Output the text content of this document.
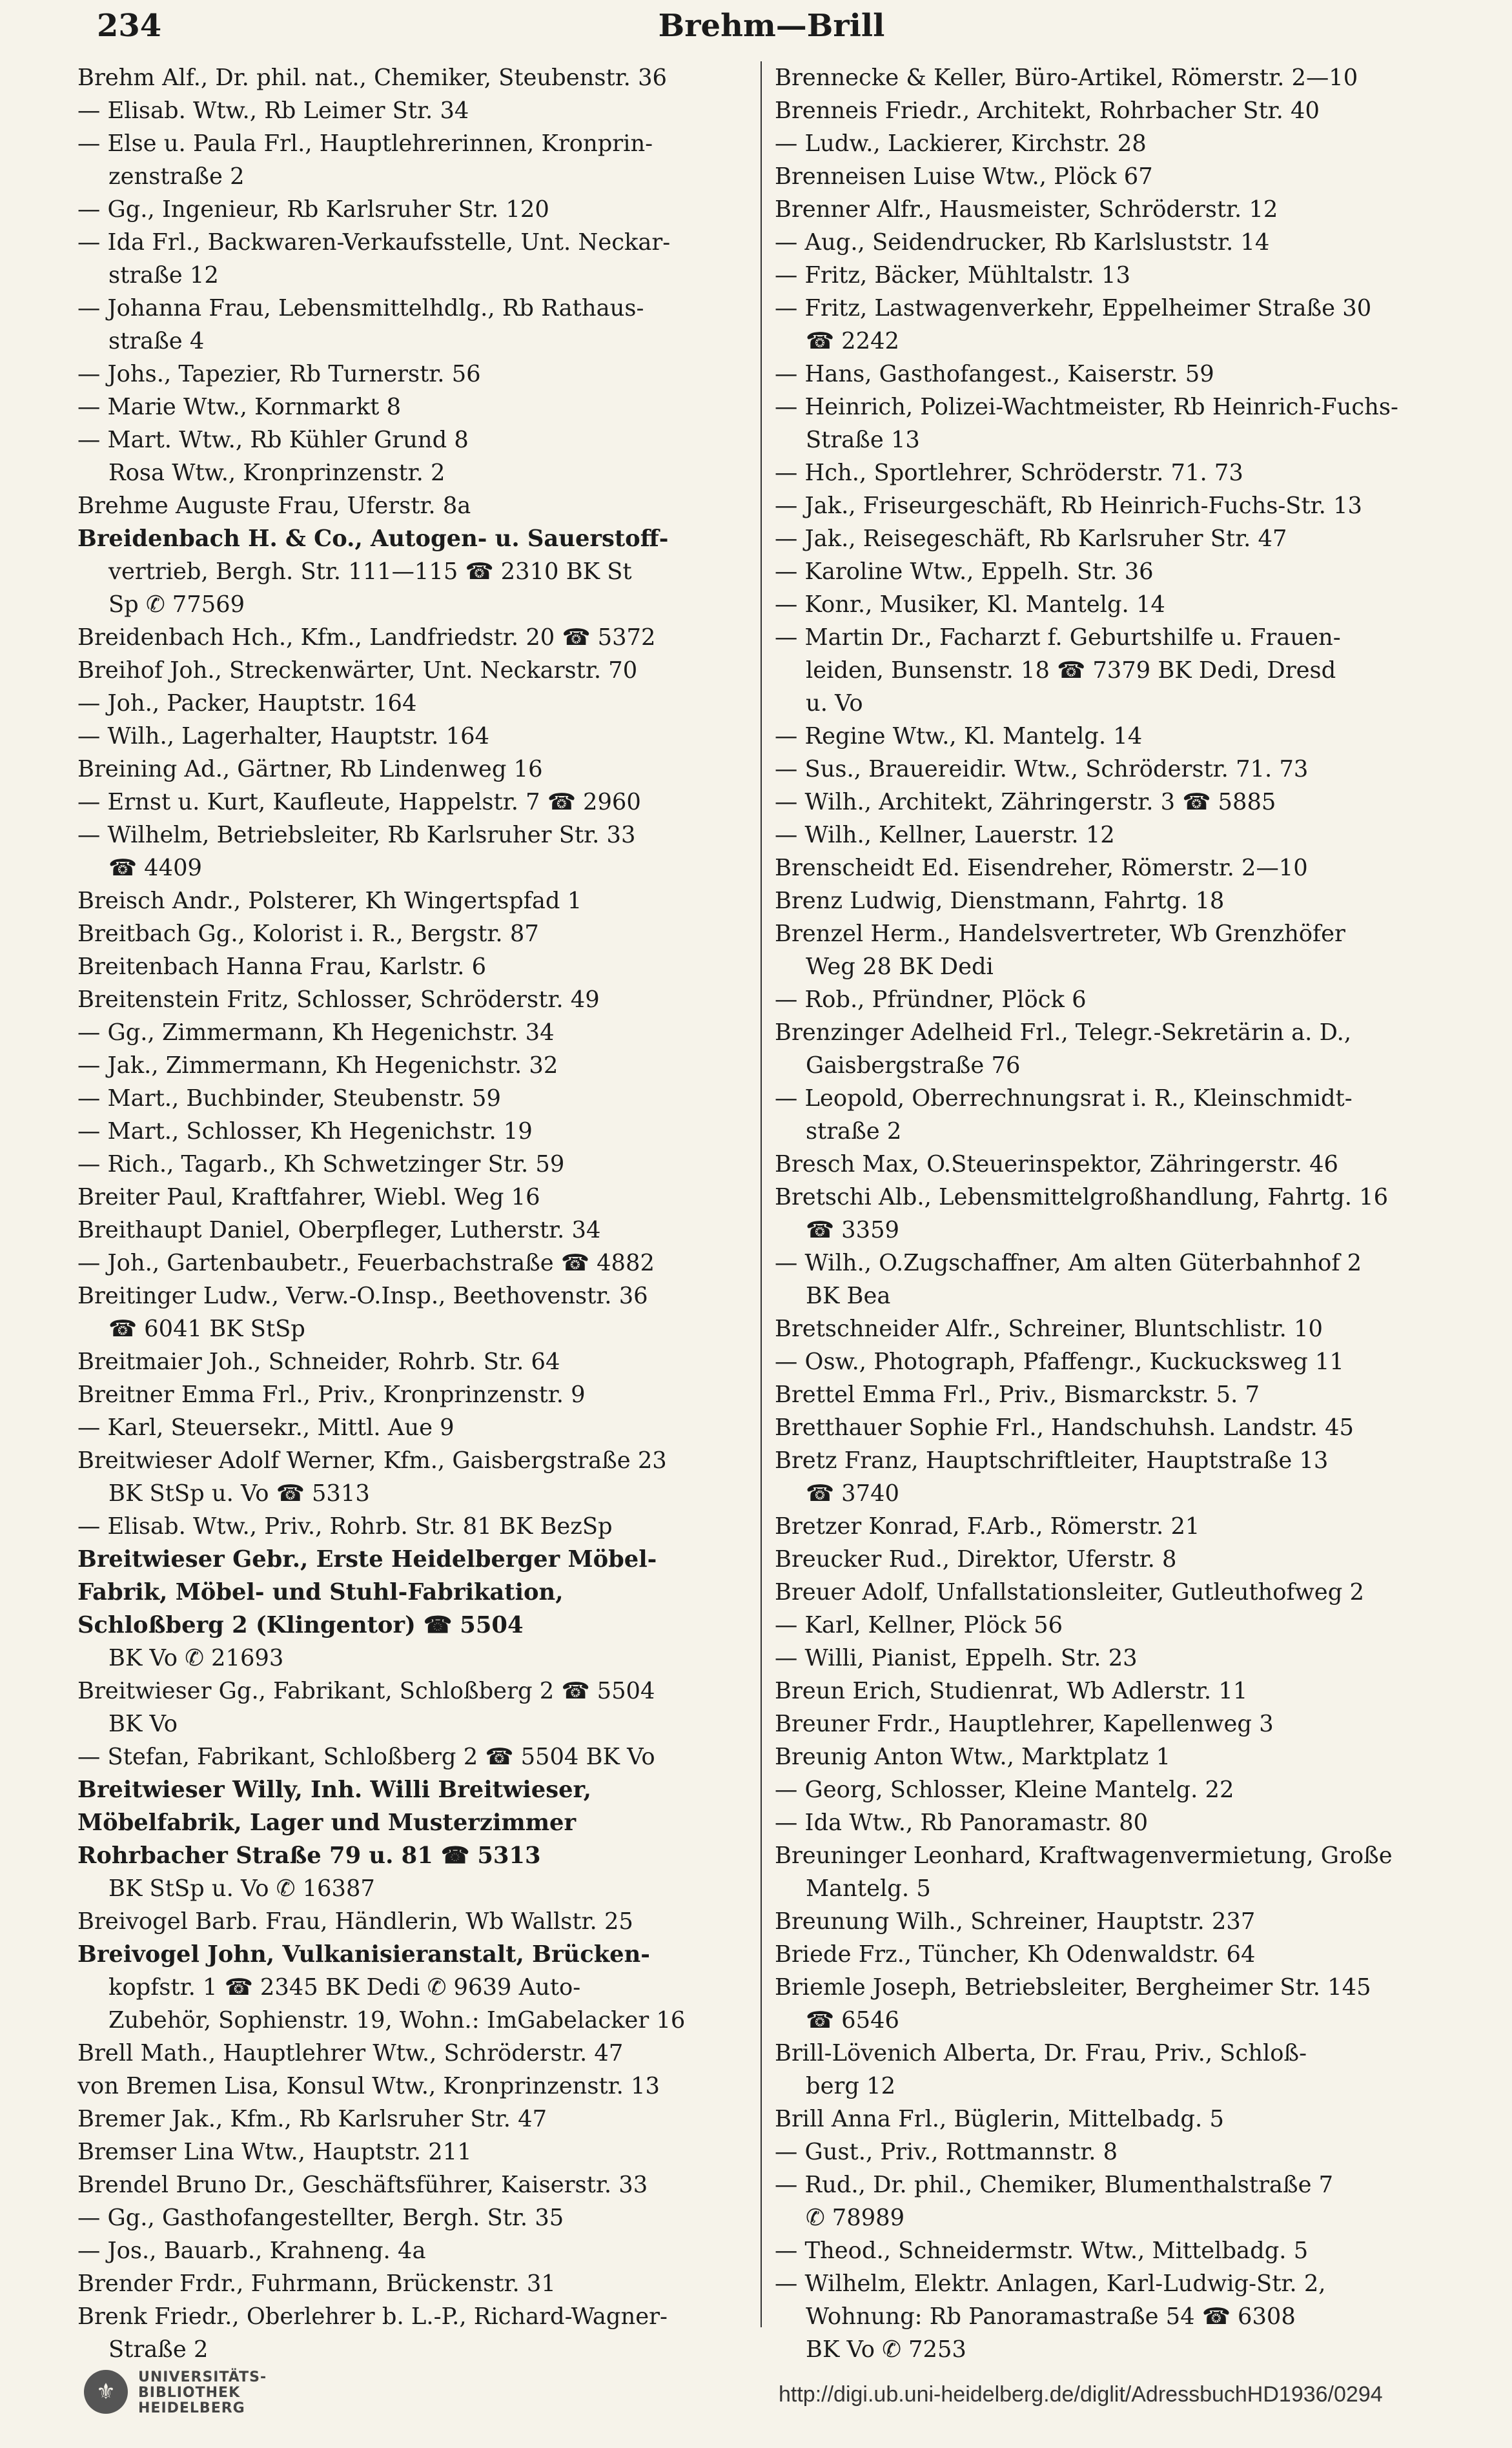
234	Brehm—Brill

Brehm Alf., Dr. phil. nat., Chemiker, Steubenstr. 36

— Elisab. Wtw., Rb Leimer Str. 34

— Else u. Paula Frl., Hauptlehrerinnen, Kronprin-

zenstraße 2

— Gg., Ingenieur, Rb Karlsruher Str. 120

— Ida Frl., Backwaren-Verkaufsstelle, Unt. Neckar-

straße 12

— Johanna Frau, Lebensmittelhdlg., Rb Rathaus-

straße 4

— Johs., Tapezier, Rb Turnerstr. 56

— Marie Wtw., Kornmarkt 8

— Mart. Wtw., Rb Kühler Grund 8

Rosa Wtw., Kronprinzenstr. 2

Brehme Auguste Frau, Uferstr. 8a

Breidenbach H. & Co., Autogen- u. Sauerstoff-

vertrieb, Bergh. Str. 111—115 ☎ 2310 BK St

Sp ✆ 77569

Breidenbach Hch., Kfm., Landfriedstr. 20 ☎ 5372

Breihof Joh., Streckenwärter, Unt. Neckarstr. 70

— Joh., Packer, Hauptstr. 164

— Wilh., Lagerhalter, Hauptstr. 164

Breining Ad., Gärtner, Rb Lindenweg 16

— Ernst u. Kurt, Kaufleute, Happelstr. 7 ☎ 2960

— Wilhelm, Betriebsleiter, Rb Karlsruher Str. 33

☎ 4409

Breisch Andr., Polsterer, Kh Wingertspfad 1

Breitbach Gg., Kolorist i. R., Bergstr. 87

Breitenbach Hanna Frau, Karlstr. 6

Breitenstein Fritz, Schlosser, Schröderstr. 49

— Gg., Zimmermann, Kh Hegenichstr. 34

— Jak., Zimmermann, Kh Hegenichstr. 32

— Mart., Buchbinder, Steubenstr. 59

— Mart., Schlosser, Kh Hegenichstr. 19

— Rich., Tagarb., Kh Schwetzinger Str. 59

Breiter Paul, Kraftfahrer, Wiebl. Weg 16

Breithaupt Daniel, Oberpfleger, Lutherstr. 34

— Joh., Gartenbaubetr., Feuerbachstraße ☎ 4882

Breitinger Ludw., Verw.-O.Insp., Beethovenstr. 36

☎ 6041 BK StSp

Breitmaier Joh., Schneider, Rohrb. Str. 64

Breitner Emma Frl., Priv., Kronprinzenstr. 9

— Karl, Steuersekr., Mittl. Aue 9

Breitwieser Adolf Werner, Kfm., Gaisbergstraße 23

BK StSp u. Vo ☎ 5313

— Elisab. Wtw., Priv., Rohrb. Str. 81 BK BezSp

Breitwieser Gebr., Erste Heidelberger Möbel-

Fabrik, Möbel- und Stuhl-Fabrikation,

Schloßberg 2 (Klingentor) ☎ 5504

BK Vo ✆ 21693

Breitwieser Gg., Fabrikant, Schloßberg 2 ☎ 5504

BK Vo

— Stefan, Fabrikant, Schloßberg 2 ☎ 5504 BK Vo

Breitwieser Willy, Inh. Willi Breitwieser,

Möbelfabrik, Lager und Musterzimmer

Rohrbacher Straße 79 u. 81 ☎ 5313

BK StSp u. Vo ✆ 16387

Breivogel Barb. Frau, Händlerin, Wb Wallstr. 25

Breivogel John, Vulkanisieranstalt, Brücken-

kopfstr. 1 ☎ 2345 BK Dedi ✆ 9639 Auto-

Zubehör, Sophienstr. 19, Wohn.: ImGabelacker 16

Brell Math., Hauptlehrer Wtw., Schröderstr. 47

von Bremen Lisa, Konsul Wtw., Kronprinzenstr. 13

Bremer Jak., Kfm., Rb Karlsruher Str. 47

Bremser Lina Wtw., Hauptstr. 211

Brendel Bruno Dr., Geschäftsführer, Kaiserstr. 33

— Gg., Gasthofangestellter, Bergh. Str. 35

— Jos., Bauarb., Krahneng. 4a

Brender Frdr., Fuhrmann, Brückenstr. 31

Brenk Friedr., Oberlehrer b. L.-P., Richard-Wagner-

Straße 2

Brennecke & Keller, Büro-Artikel, Römerstr. 2—10

Brenneis Friedr., Architekt, Rohrbacher Str. 40

— Ludw., Lackierer, Kirchstr. 28

Brenneisen Luise Wtw., Plöck 67

Brenner Alfr., Hausmeister, Schröderstr. 12

— Aug., Seidendrucker, Rb Karlsluststr. 14

— Fritz, Bäcker, Mühltalstr. 13

— Fritz, Lastwagenverkehr, Eppelheimer Straße 30

☎ 2242

— Hans, Gasthofangest., Kaiserstr. 59

— Heinrich, Polizei-Wachtmeister, Rb Heinrich-Fuchs-

Straße 13

— Hch., Sportlehrer, Schröderstr. 71. 73

— Jak., Friseurgeschäft, Rb Heinrich-Fuchs-Str. 13

— Jak., Reisegeschäft, Rb Karlsruher Str. 47

— Karoline Wtw., Eppelh. Str. 36

— Konr., Musiker, Kl. Mantelg. 14

— Martin Dr., Facharzt f. Geburtshilfe u. Frauen-

leiden, Bunsenstr. 18 ☎ 7379 BK Dedi, Dresd

u. Vo

— Regine Wtw., Kl. Mantelg. 14

— Sus., Brauereidir. Wtw., Schröderstr. 71. 73

— Wilh., Architekt, Zähringerstr. 3 ☎ 5885

— Wilh., Kellner, Lauerstr. 12

Brenscheidt Ed. Eisendreher, Römerstr. 2—10

Brenz Ludwig, Dienstmann, Fahrtg. 18

Brenzel Herm., Handelsvertreter, Wb Grenzhöfer

Weg 28 BK Dedi

— Rob., Pfründner, Plöck 6

Brenzinger Adelheid Frl., Telegr.-Sekretärin a. D.,

Gaisbergstraße 76

— Leopold, Oberrechnungsrat i. R., Kleinschmidt-

straße 2

Bresch Max, O.Steuerinspektor, Zähringerstr. 46

Bretschi Alb., Lebensmittelgroßhandlung, Fahrtg. 16

☎ 3359

— Wilh., O.Zugschaffner, Am alten Güterbahnhof 2

BK Bea

Bretschneider Alfr., Schreiner, Bluntschlistr. 10

— Osw., Photograph, Pfaffengr., Kuckucksweg 11

Brettel Emma Frl., Priv., Bismarckstr. 5. 7

Bretthauer Sophie Frl., Handschuhsh. Landstr. 45

Bretz Franz, Hauptschriftleiter, Hauptstraße 13

☎ 3740

Bretzer Konrad, F.Arb., Römerstr. 21

Breucker Rud., Direktor, Uferstr. 8

Breuer Adolf, Unfallstationsleiter, Gutleuthofweg 2

— Karl, Kellner, Plöck 56

— Willi, Pianist, Eppelh. Str. 23

Breun Erich, Studienrat, Wb Adlerstr. 11

Breuner Frdr., Hauptlehrer, Kapellenweg 3

Breunig Anton Wtw., Marktplatz 1

— Georg, Schlosser, Kleine Mantelg. 22

— Ida Wtw., Rb Panoramastr. 80

Breuninger Leonhard, Kraftwagenvermietung, Große

Mantelg. 5

Breunung Wilh., Schreiner, Hauptstr. 237

Briede Frz., Tüncher, Kh Odenwaldstr. 64

Briemle Joseph, Betriebsleiter, Bergheimer Str. 145

☎ 6546

Brill-Lövenich Alberta, Dr. Frau, Priv., Schloß-

berg 12

Brill Anna Frl., Büglerin, Mittelbadg. 5

— Gust., Priv., Rottmannstr. 8

— Rud., Dr. phil., Chemiker, Blumenthalstraße 7

✆ 78989

— Theod., Schneidermstr. Wtw., Mittelbadg. 5

— Wilhelm, Elektr. Anlagen, Karl-Ludwig-Str. 2,

Wohnung: Rb Panoramastraße 54 ☎ 6308

BK Vo ✆ 7253

⚜
UNIVERSITÄTS-
BIBLIOTHEK
HEIDELBERG
http://digi.ub.uni-heidelberg.de/diglit/AdressbuchHD1936/0294
